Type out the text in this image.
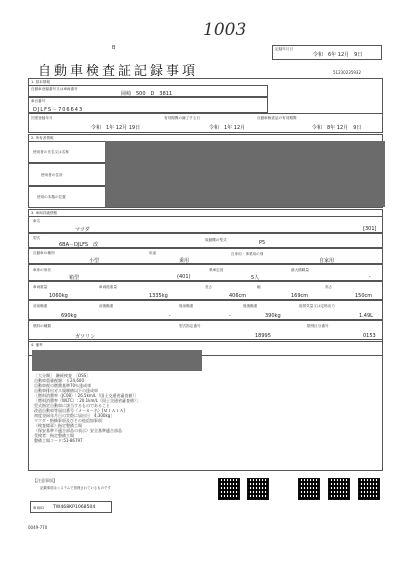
1003
B	記録年月日
令和　6年 12月　9日
自動車検査証記録事項	51230235932
1. 基本情報
自動車登録番号又は車両番号
岡崎　500　D　3811
車台番号
DJLFS－706643
初度登録年月
令和　1年 12月 19日
有効期間の満了する日
令和　1年 12月
自動車検査証の有効期間
令和　8年 12月　9日
2. 所有者情報
使用者の氏名又は名称
使用者の住所
使用の本拠の位置
3. 車両詳細情報
車名
マツダ	[301]
型式
6BA－DJLFS　改
原動機の型式	P5
自動車の種別
小型
用途
乗用
自家用・事業用の別
自家用
車体の形状
箱型	(401)
乗車定員
5人
最大積載量
-
車両重量
1060kg
車両総重量
1335kg
長さ
406cm
幅
169cm
高さ
150cm
前前軸重
690kg
前後軸重
-
後前軸重
-
後後軸重
390kg
総排気量又は定格出力
1.49L
燃料の種類
ガソリン
型式指定番号
18995
類別区分番号
0153
4. 備考
［大分類］　継続検査　［OSS］
自動車重量税額：￥24,600
自動車税の燃費基準70％達成車
自動車排出ガス規制値以下の達成車
［燃料消費率（JC08）: 26.5km/L（国土交通省審査値）］
［燃料消費率（WLTC）: 20.1km/L（国土交通省審査値）］
型式指定自動車に該当するものであること
改造自動車等届出番号（メーカー名）[ＭＩＡ１Ａ]
初度登録年月日の実際に届出日　4,300kg］
マツダ・指摘事項及びその他追加事項：
（検査標章）指定整備工場
（保安基準不適合部品の表示）安全基準適合部品
受検者：指定整備工場
整備工場コード:51-86797
【注意事項】
記載事項はシステムで管理されているものです
車両ID TW468KP1068504
0049-770
